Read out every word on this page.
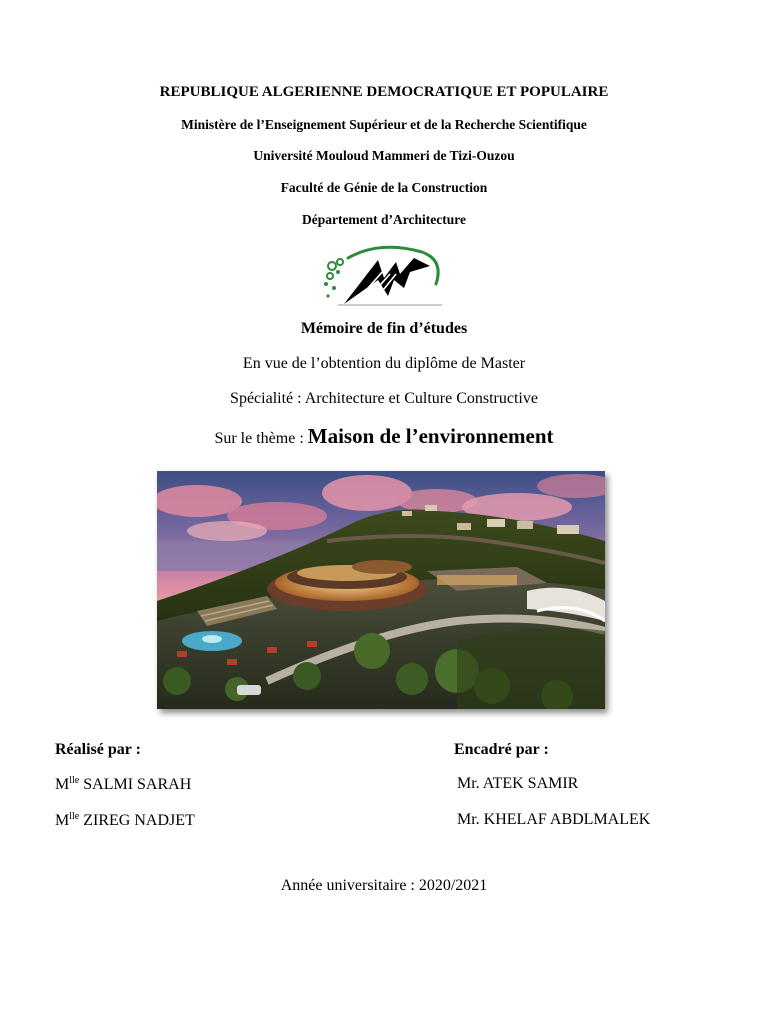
REPUBLIQUE ALGERIENNE DEMOCRATIQUE ET POPULAIRE
Ministère de l’Enseignement Supérieur et de la Recherche Scientifique
Université Mouloud Mammeri de Tizi-Ouzou
Faculté de Génie de la Construction
Département d’Architecture
Mémoire de fin d’études
En vue de l’obtention du diplôme de Master
Spécialité : Architecture et Culture Constructive
Sur le thème : Maison de l’environnement
Réalisé par :	Encadré par :
$M^{lle}$ SALMI SARAH
$M^{lle}$ ZIREG NADJET
Mr. ATEK SAMIR
Mr. KHELAF ABDLMALEK
Année universitaire : 2020/2021
